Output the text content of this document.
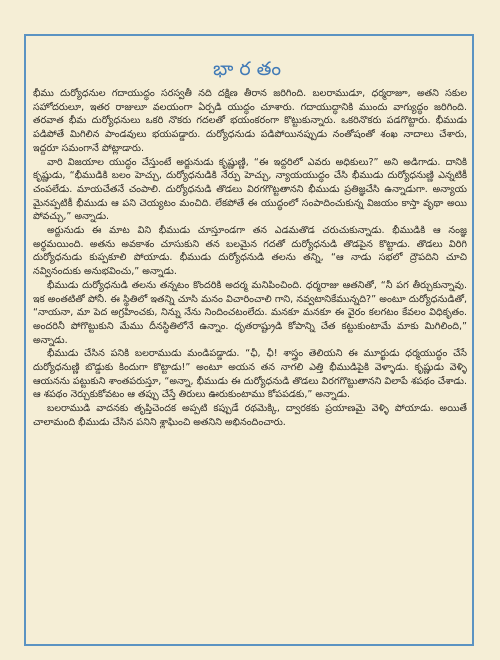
భారతం

భీము దుర్యోధనుల గదాయుద్ధం సరస్వతీ నది దక్షిణ తీరాన జరిగింది. బలరాముడూ, ధర్మరాజూ, అతని సకుల సహోదరులూ, ఇతర రాజులూ వలయంగా ఏర్పడి యుద్ధం చూశారు. గదాయుద్ధానికి ముందు వాగ్యుద్ధం జరిగింది. తరవాత భీమ దుర్యోధనులు ఒకరి నొకరు గదలతో భయంకరంగా కొట్టుకున్నారు. ఒకరినొకరు పడగొట్టారు. భీముడు పడిపోతే మిగిలిన పాండవులు భయపడ్డారు. దుర్యోధనుడు పడిపోయినప్పుడు నంతోషంతో శంఖ నాదాలు చేశారు, ఇద్దరూ సమంగానే పోట్లాడారు.

వారి విజయాల యుద్ధం చేస్తుంటే అర్జునుడు కృష్ణుణ్ణి, “ఈ ఇద్దరిలో ఎవరు అధికులు?” అని అడిగాడు. దానికి కృష్ణుడు, “భీముడికి బలం హెచ్చు, దుర్యోధనుడికి నేర్పు హెచ్చు, న్యాయయుద్ధం చేసి భీముడు దుర్యోధనుణ్ణి ఎన్నటికీ చంపలేడు. మాయచేతనే చంపాలి. దుర్యోధనుడి తొడలు విరగగొట్టతానని భీముడు ప్రతిజ్ఞచేసి ఉన్నాడుగా. అన్యాయ మైనప్పటికీ భీముడు ఆ పని చెయ్యటం మంచిది. లేకపోతే ఈ యుద్ధంలో సంపాదించుకున్న విజయం కాస్తా వృథా అయి పోవచ్చు,” అన్నాడు.

అర్జునుడు ఈ మాట విని భీముడు చూస్తూండగా తన ఎడమతొడ చరుచుకున్నాడు. భీముడికి ఆ నంజ్ఞ అర్థమయింది. అతను అవకాశం చూసుకుని తన బలమైన గదతో దుర్యోధనుడి తొడపైన కొట్టాడు. తొడలు విరిగి దుర్యోధనుడు కుప్పకూలి పోయాడు. భీముడు దుర్యోధనుడి తలను తన్ని, “ఆ నాడు సభలో ద్రౌపదిని చూచి నవ్వినందుకు అనుభవించు,” అన్నాడు.

భీముడు దుర్యోధనుడి తలను తన్నటం కొందరికి అదర్మ మనిపించింది. ధర్మరాజు ఆతనితో, “నీ పగ తీర్చుకున్నావు. ఇక అంతటితో పోనీ. ఈ స్థితిలో ఇతన్ని చూసి మనం విచారించాలి గాని, నవ్వటానికేమున్నది?” అంటూ దుర్యోధనుడితో, “నాయనా, మా పెద అగ్రహించకు, నిన్ను నేను నిందించటంలేదు. మనకూ మనకూ ఈ వైరం కలగటం కేవలం విధికృతం. అందరినీ పోగొట్టుకుని మేము దీనస్థితిలోనే ఉన్నాం. ధృతరాష్ట్రుడి కోపాన్ని చేత కట్టుకుంటామే మాకు మిగిలింది,” అన్నాడు.

భీముడు చేసిన పనికి బలరాముడు మండిపడ్డాడు. “ఛీ, ఛీ! శాస్త్రం తెలియని ఈ మూర్ఖుడు ధర్మయుద్ధం చేసే దుర్యోధనుణ్ణి బొడ్డుకు కిందుగా కొట్టాడు!” అంటూ అయన తన నాగలి ఎత్తి భీముడిపైకి వెళ్ళాడు. కృష్ణుడు వెళ్ళి ఆయనను పట్టుకుని శాంతపరుస్తూ, “అన్నా, భీముడు ఈ దుర్యోధనుడి తొడలు విరగగొట్టుతానని విలాపే శపథం చేశాడు. ఆ శపథం నెర్చుకుకోవటం ఆ తప్పు చేస్తే తిరులు ఊరుకుంటాము కోపపడకు,” అన్నాడు.

బలరాముడి వాదనకు తృప్తిచెందక అప్పటి కప్పుడే రథమెక్కి, ద్వారకకు ప్రయాణమై వెళ్ళి పోయాడు. అయితే చాలామంది భీముడు చేసిన పనిని శ్లాఘించి అతనిని అభినందించారు.
